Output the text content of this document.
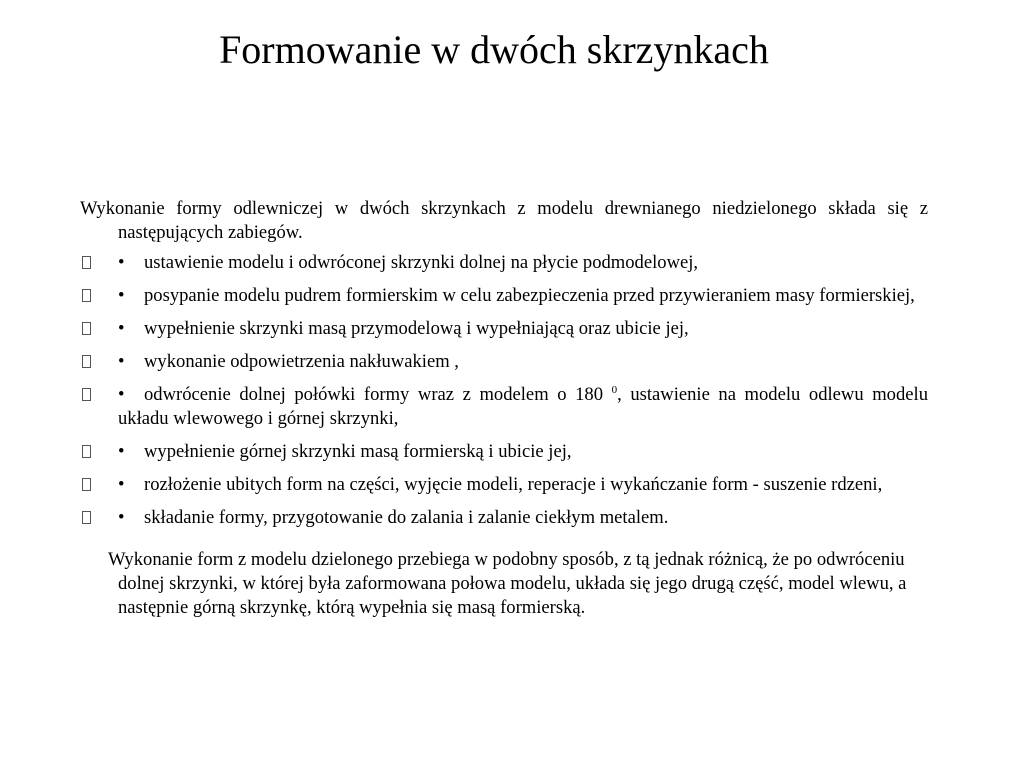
Formowanie w dwóch skrzynkach

Wykonanie formy odlewniczej w dwóch skrzynkach z modelu drewnianego niedzielonego składa się z następujących zabiegów.

• ustawienie modelu i odwróconej skrzynki dolnej na płycie podmodelowej,
• posypanie modelu pudrem formierskim w celu zabezpieczenia przed przywieraniem masy formierskiej,
• wypełnienie skrzynki masą przymodelową i wypełniającą oraz ubicie jej,
• wykonanie odpowietrzenia nakłuwakiem ,
• odwrócenie dolnej połówki formy wraz z modelem o 180 $^0$, ustawienie na modelu odlewu modelu układu wlewowego i górnej skrzynki,
• wypełnienie górnej skrzynki masą formierską i ubicie jej,
• rozłożenie ubitych form na części, wyjęcie modeli, reperacje i wykańczanie form - suszenie rdzeni,
• składanie formy, przygotowanie do zalania i zalanie ciekłym metalem.

Wykonanie form z modelu dzielonego przebiega w podobny sposób, z tą jednak różnicą, że po odwróceniu dolnej skrzynki, w której była zaformowana połowa modelu, układa się jego drugą część, model wlewu, a następnie górną skrzynkę, którą wypełnia się masą formierską.
